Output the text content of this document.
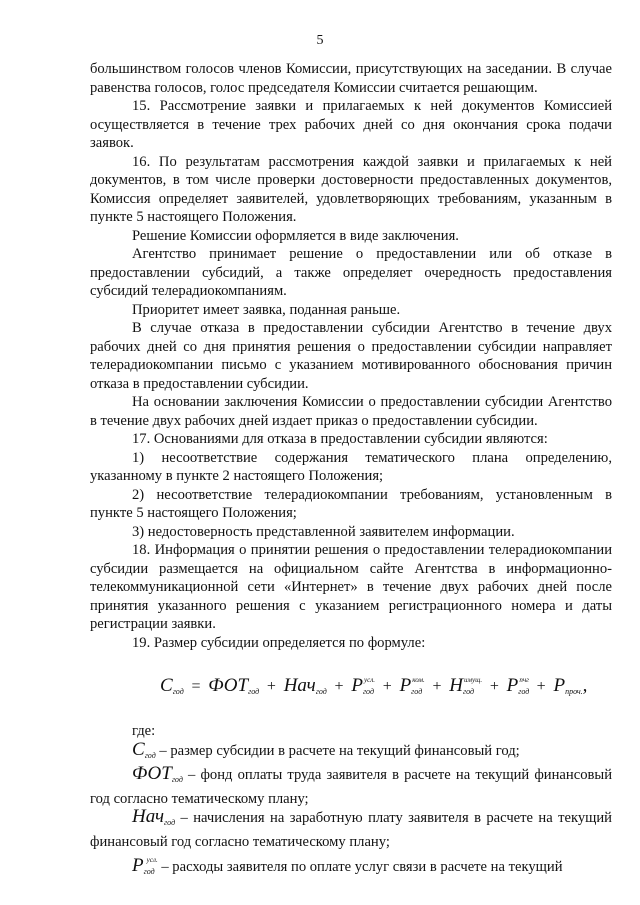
5

большинством голосов членов Комиссии, присутствующих на заседании. В случае равенства голосов, голос председателя Комиссии считается решающим.

15. Рассмотрение заявки и прилагаемых к ней документов Комиссией осуществляется в течение трех рабочих дней со дня окончания срока подачи заявок.

16. По результатам рассмотрения каждой заявки и прилагаемых к ней документов, в том числе проверки достоверности предоставленных документов, Комиссия определяет заявителей, удовлетворяющих требованиям, указанным в пункте 5 настоящего Положения.

Решение Комиссии оформляется в виде заключения.

Агентство принимает решение о предоставлении или об отказе в предоставлении субсидий, а также определяет очередность предоставления субсидий телерадиокомпаниям.

Приоритет имеет заявка, поданная раньше.

В случае отказа в предоставлении субсидии Агентство в течение двух рабочих дней со дня принятия решения о предоставлении субсидии направляет телерадиокомпании письмо с указанием мотивированного обоснования причин отказа в предоставлении субсидии.

На основании заключения Комиссии о предоставлении субсидии Агентство в течение двух рабочих дней издает приказ о предоставлении субсидии.

17. Основаниями для отказа в предоставлении субсидии являются:

1) несоответствие содержания тематического плана определению, указанному в пункте 2 настоящего Положения;

2) несоответствие телерадиокомпании требованиям, установленным в пункте 5 настоящего Положения;

3) недостоверность представленной заявителем информации.

18. Информация о принятии решения о предоставлении телерадиокомпании субсидии размещается на официальном сайте Агентства в информационно-телекоммуникационной сети «Интернет» в течение двух рабочих дней после принятия указанного решения с указанием регистрационного номера и даты регистрации заявки.

19. Размер субсидии определяется по формуле:

$С_{год} = ФОТ_{год} + Нач_{год} + Р_{год}^{усл.} + Р_{год}^{ком.} + Н_{год}^{имущ.} + Р_{год}^{пчг} + Р_{проч.}$,

где:

$С_{год}$ – размер субсидии в расчете на текущий финансовый год;

$ФОТ_{год}$ – фонд оплаты труда заявителя в расчете на текущий финансовый год согласно тематическому плану;

Нач$_{год}$ – начисления на заработную плату заявителя в расчете на текущий финансовый год согласно тематическому плану;

$Р_{год}^{усл.}$ – расходы заявителя по оплате услуг связи в расчете на текущий
